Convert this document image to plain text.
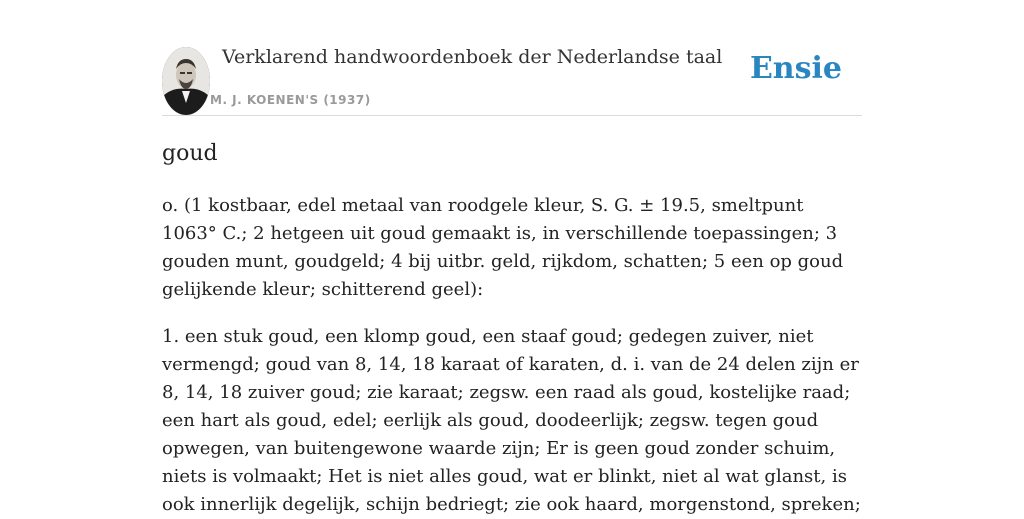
Verklarend handwoordenboek der Nederlandse taal
M. J. KOENEN'S (1937)
Ensie
goud

o. (1 kostbaar, edel metaal van roodgele kleur, S. G. ± 19.5, smeltpunt 1063° C.; 2 hetgeen uit goud gemaakt is, in verschillende toepassingen; 3 gouden munt, goudgeld; 4 bij uitbr. geld, rijkdom, schatten; 5 een op goud gelijkende kleur; schitterend geel):

1. een stuk goud, een klomp goud, een staaf goud; gedegen zuiver, niet vermengd; goud van 8, 14, 18 karaat of karaten, d. i. van de 24 delen zijn er 8, 14, 18 zuiver goud; zie karaat; zegsw. een raad als goud, kostelijke raad; een hart als goud, edel; eerlijk als goud, doodeerlijk; zegsw. tegen goud opwegen, van buitengewone waarde zijn; Er is geen goud zonder schuim, niets is volmaakt; Het is niet alles goud, wat er blinkt, niet al wat glanst, is ook innerlijk degelijk, schijn bedriegt; zie ook haard, morgenstond, spreken;
